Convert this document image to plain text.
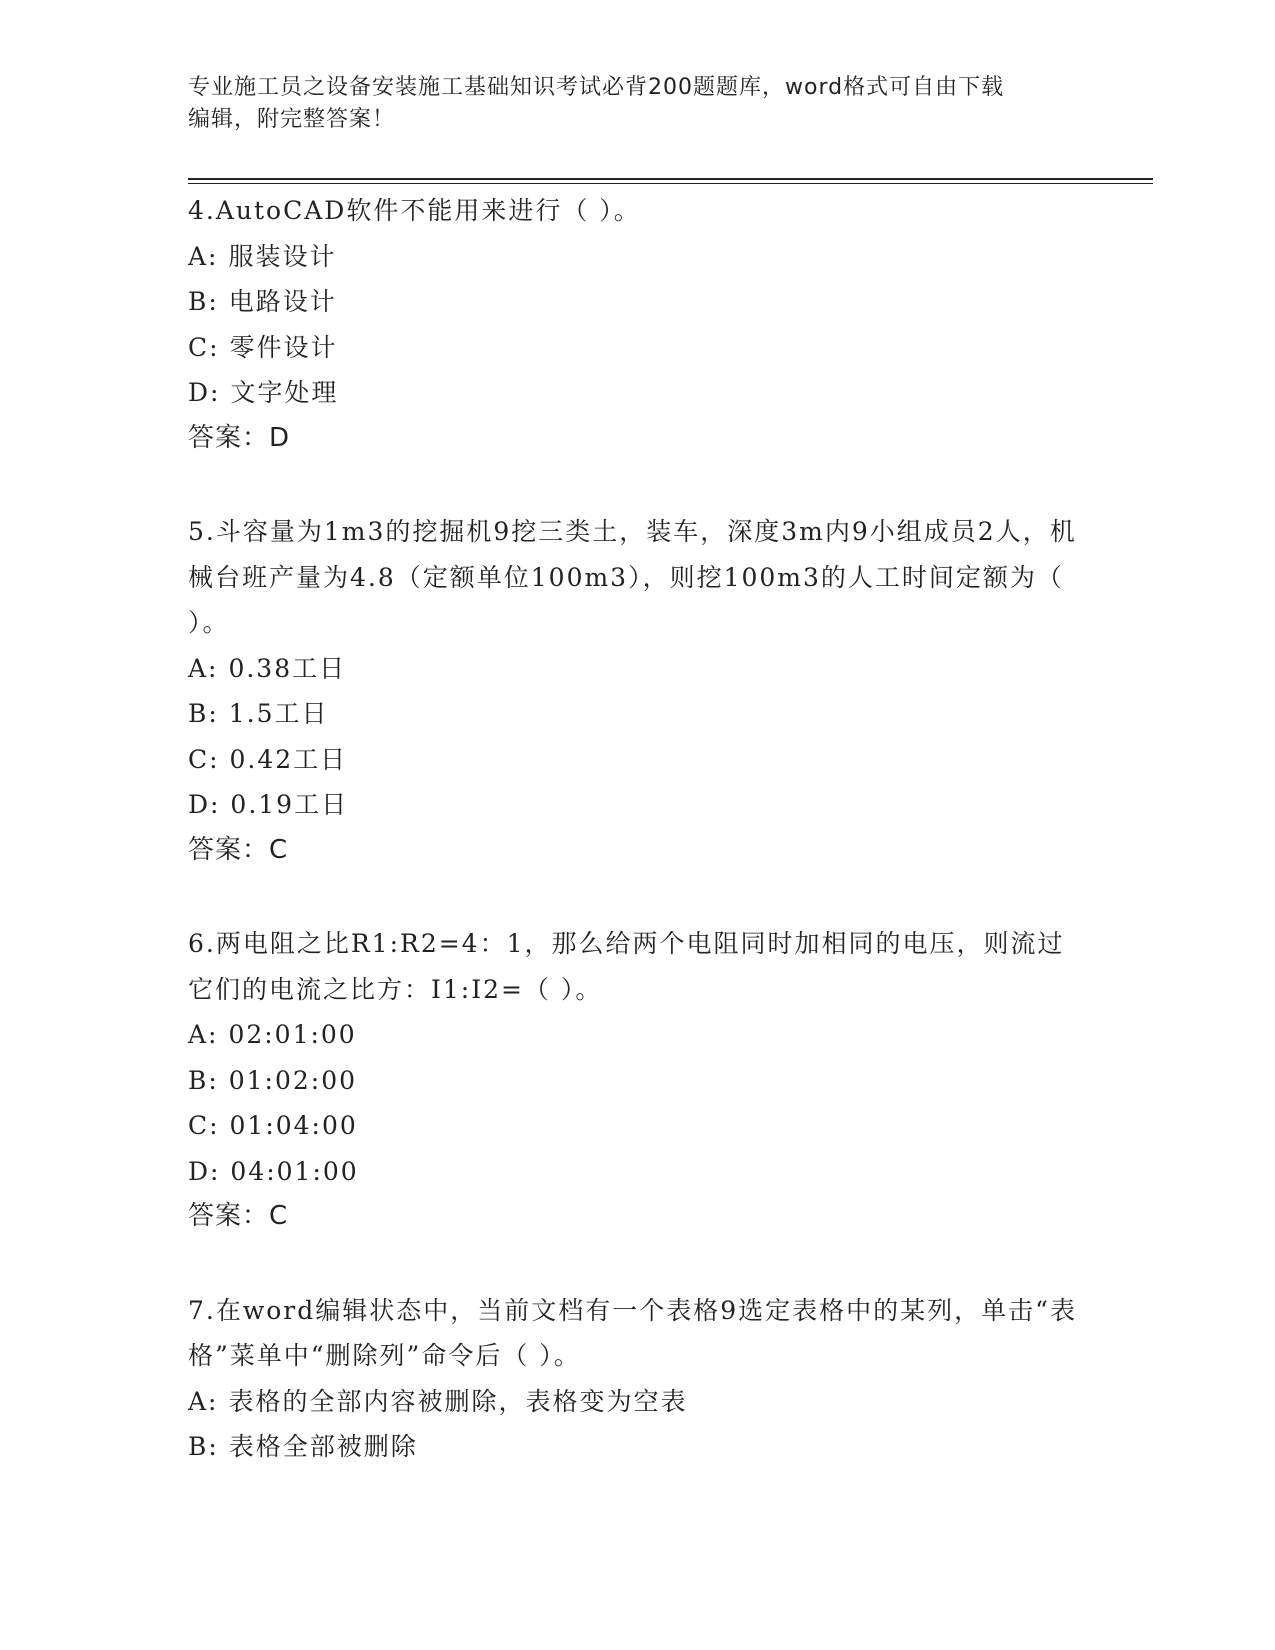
专业施工员之设备安装施工基础知识考试必背200题题库，word格式可自由下载
编辑，附完整答案！
4.AutoCAD软件不能用来进行（ ）。
A: 服装设计
B: 电路设计
C: 零件设计
D: 文字处理
答案：D
5.斗容量为1m3的挖掘机9挖三类土，装车，深度3m内9小组成员2人，机械台班产量为4.8（定额单位100m3），则挖100m3的人工时间定额为（ ）。
A: 0.38工日
B: 1.5工日
C: 0.42工日
D: 0.19工日
答案：C
6.两电阻之比R1:R2=4：1，那么给两个电阻同时加相同的电压，则流过它们的电流之比方：I1:I2=（ ）。
A: 02:01:00
B: 01:02:00
C: 01:04:00
D: 04:01:00
答案：C
7.在word编辑状态中，当前文档有一个表格9选定表格中的某列，单击“表格”菜单中“删除列”命令后（ ）。
A: 表格的全部内容被删除，表格变为空表
B: 表格全部被删除
